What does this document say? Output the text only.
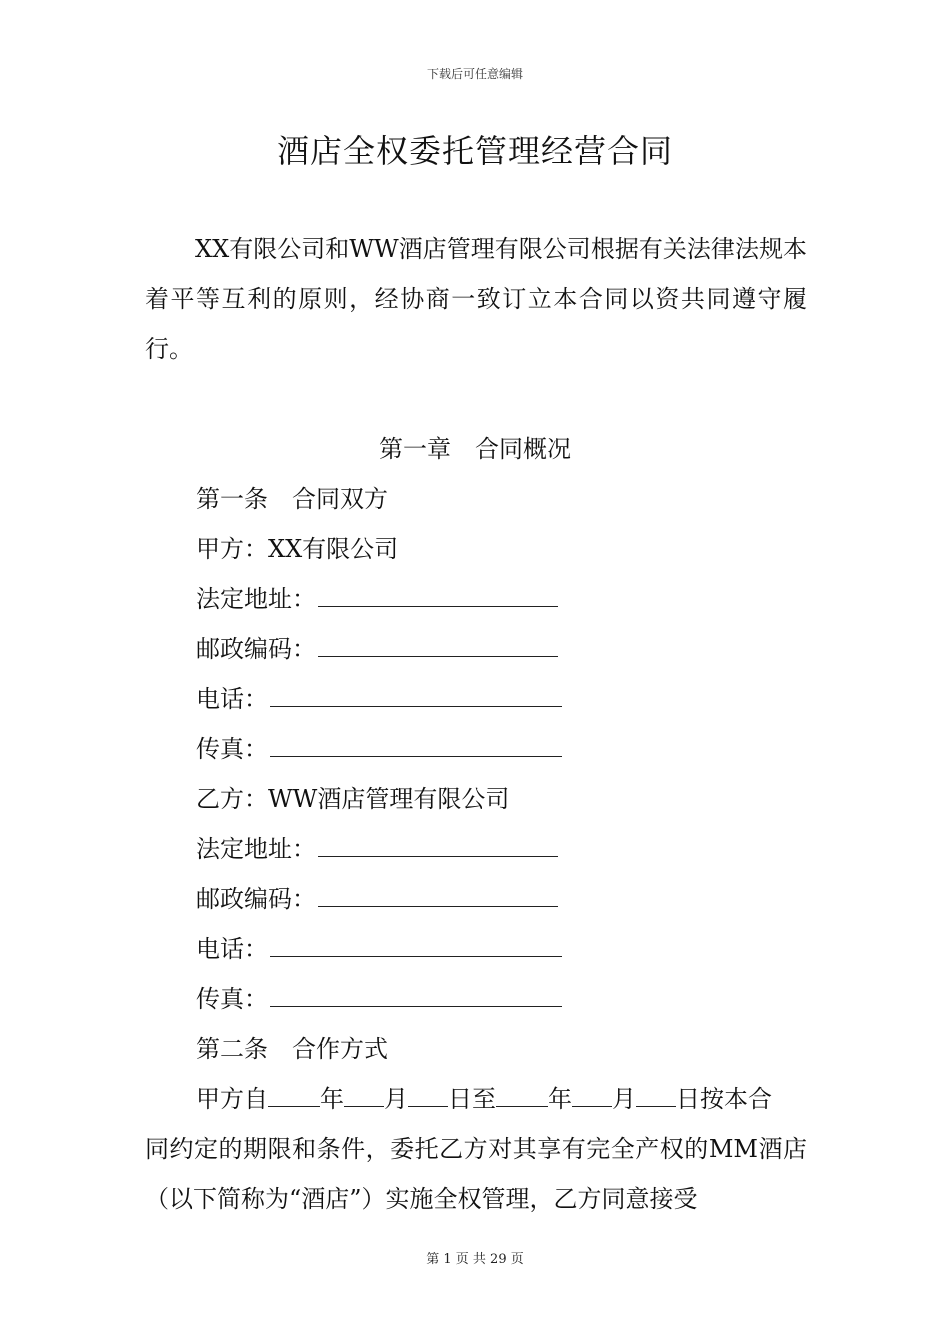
下载后可任意编辑
酒店全权委托管理经营合同

XX有限公司和WW酒店管理有限公司根据有关法律法规本着平等互利的原则，经协商一致订立本合同以资共同遵守履行。

第一章　合同概况

第一条　合同双方

甲方：XX有限公司

法定地址：

邮政编码：

电话：

传真：

乙方：WW酒店管理有限公司

法定地址：

邮政编码：

电话：

传真：

第二条　合作方式

甲方自 年 月 日至 年 月 日按本合

同约定的期限和条件，委托乙方对其享有完全产权的MM酒店（以下简称为“酒店”）实施全权管理，乙方同意接受

第 1 页 共 29 页
